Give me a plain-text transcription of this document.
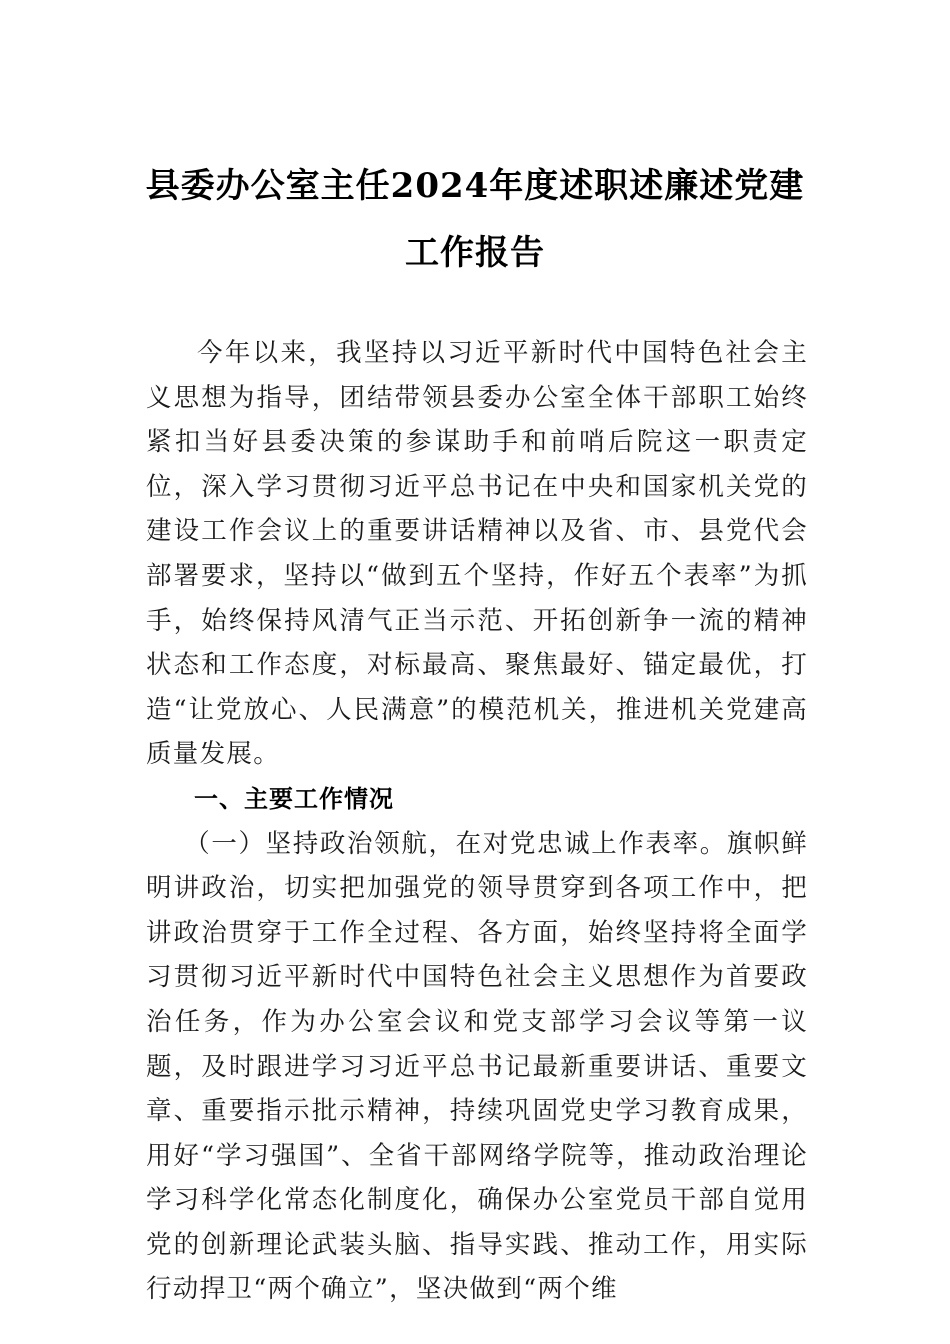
县委办公室主任2024年度述职述廉述党建
工作报告

今年以来，我坚持以习近平新时代中国特色社会主义思想为指导，团结带领县委办公室全体干部职工始终紧扣当好县委决策的参谋助手和前哨后院这一职责定位，深入学习贯彻习近平总书记在中央和国家机关党的建设工作会议上的重要讲话精神以及省、市、县党代会部署要求，坚持以“做到五个坚持，作好五个表率”为抓手，始终保持风清气正当示范、开拓创新争一流的精神状态和工作态度，对标最高、聚焦最好、锚定最优，打造“让党放心、人民满意”的模范机关，推进机关党建高质量发展。

一、主要工作情况

（一）坚持政治领航，在对党忠诚上作表率。旗帜鲜明讲政治，切实把加强党的领导贯穿到各项工作中，把讲政治贯穿于工作全过程、各方面，始终坚持将全面学习贯彻习近平新时代中国特色社会主义思想作为首要政治任务，作为办公室会议和党支部学习会议等第一议题，及时跟进学习习近平总书记最新重要讲话、重要文章、重要指示批示精神，持续巩固党史学习教育成果，用好“学习强国”、全省干部网络学院等，推动政治理论学习科学化常态化制度化，确保办公室党员干部自觉用党的创新理论武装头脑、指导实践、推动工作，用实际行动捍卫“两个确立”，坚决做到“两个维
